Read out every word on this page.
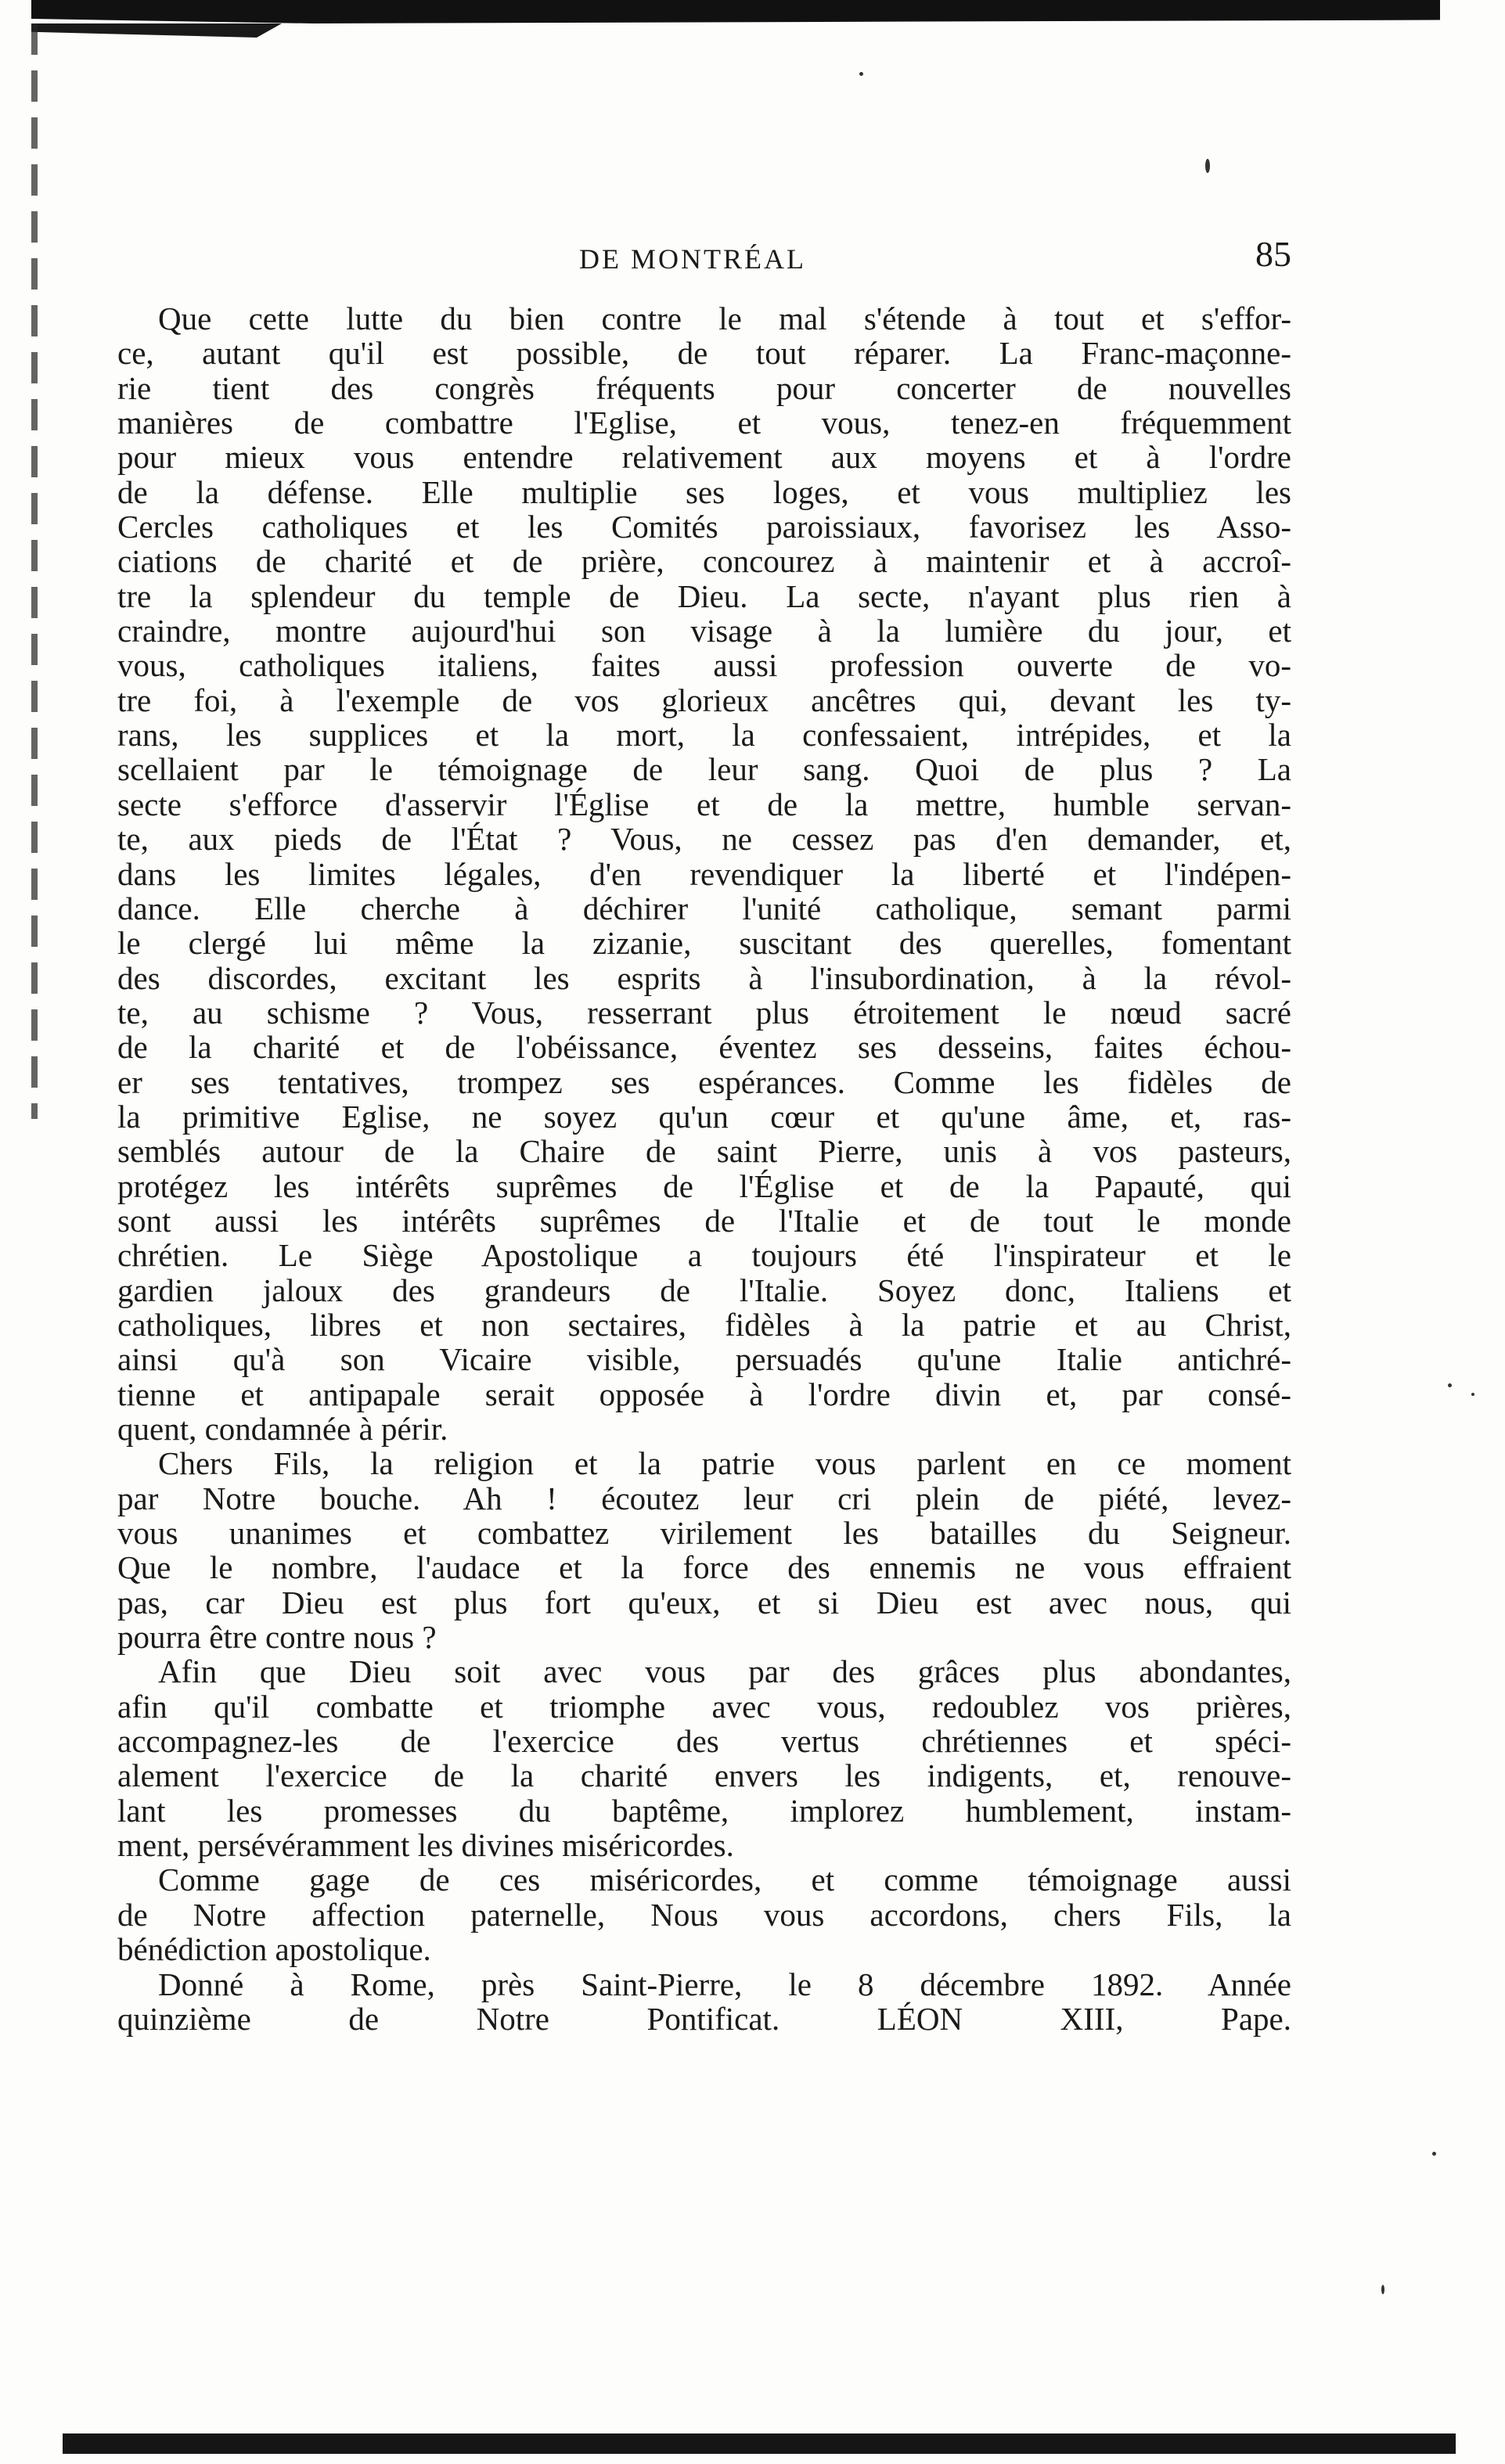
DE MONTRÉAL	85
Que cette lutte du bien contre le mal s'étende à tout et s'effor-
ce, autant qu'il est possible, de tout réparer. La Franc-maçonne-
rie tient des congrès fréquents pour concerter de nouvelles
manières de combattre l'Eglise, et vous, tenez-en fréquemment
pour mieux vous entendre relativement aux moyens et à l'ordre
de la défense. Elle multiplie ses loges, et vous multipliez les
Cercles catholiques et les Comités paroissiaux, favorisez les Asso-
ciations de charité et de prière, concourez à maintenir et à accroî-
tre la splendeur du temple de Dieu. La secte, n'ayant plus rien à
craindre, montre aujourd'hui son visage à la lumière du jour, et
vous, catholiques italiens, faites aussi profession ouverte de vo-
tre foi, à l'exemple de vos glorieux ancêtres qui, devant les ty-
rans, les supplices et la mort, la confessaient, intrépides, et la
scellaient par le témoignage de leur sang. Quoi de plus ? La
secte s'efforce d'asservir l'Église et de la mettre, humble servan-
te, aux pieds de l'État ? Vous, ne cessez pas d'en demander, et,
dans les limites légales, d'en revendiquer la liberté et l'indépen-
dance. Elle cherche à déchirer l'unité catholique, semant parmi
le clergé lui même la zizanie, suscitant des querelles, fomentant
des discordes, excitant les esprits à l'insubordination, à la révol-
te, au schisme ? Vous, resserrant plus étroitement le nœud sacré
de la charité et de l'obéissance, éventez ses desseins, faites échou-
er ses tentatives, trompez ses espérances. Comme les fidèles de
la primitive Eglise, ne soyez qu'un cœur et qu'une âme, et, ras-
semblés autour de la Chaire de saint Pierre, unis à vos pasteurs,
protégez les intérêts suprêmes de l'Église et de la Papauté, qui
sont aussi les intérêts suprêmes de l'Italie et de tout le monde
chrétien. Le Siège Apostolique a toujours été l'inspirateur et le
gardien jaloux des grandeurs de l'Italie. Soyez donc, Italiens et
catholiques, libres et non sectaires, fidèles à la patrie et au Christ,
ainsi qu'à son Vicaire visible, persuadés qu'une Italie antichré-
tienne et antipapale serait opposée à l'ordre divin et, par consé-
quent, condamnée à périr.
Chers Fils, la religion et la patrie vous parlent en ce moment
par Notre bouche. Ah ! écoutez leur cri plein de piété, levez-
vous unanimes et combattez virilement les batailles du Seigneur.
Que le nombre, l'audace et la force des ennemis ne vous effraient
pas, car Dieu est plus fort qu'eux, et si Dieu est avec nous, qui
pourra être contre nous ?
Afin que Dieu soit avec vous par des grâces plus abondantes,
afin qu'il combatte et triomphe avec vous, redoublez vos prières,
accompagnez-les de l'exercice des vertus chrétiennes et spéci-
alement l'exercice de la charité envers les indigents, et, renouve-
lant les promesses du baptême, implorez humblement, instam-
ment, persévéramment les divines miséricordes.
Comme gage de ces miséricordes, et comme témoignage aussi
de Notre affection paternelle, Nous vous accordons, chers Fils, la
bénédiction apostolique.
Donné à Rome, près Saint-Pierre, le 8 décembre 1892. Année
quinzième de Notre Pontificat. LÉON XIII, Pape.
